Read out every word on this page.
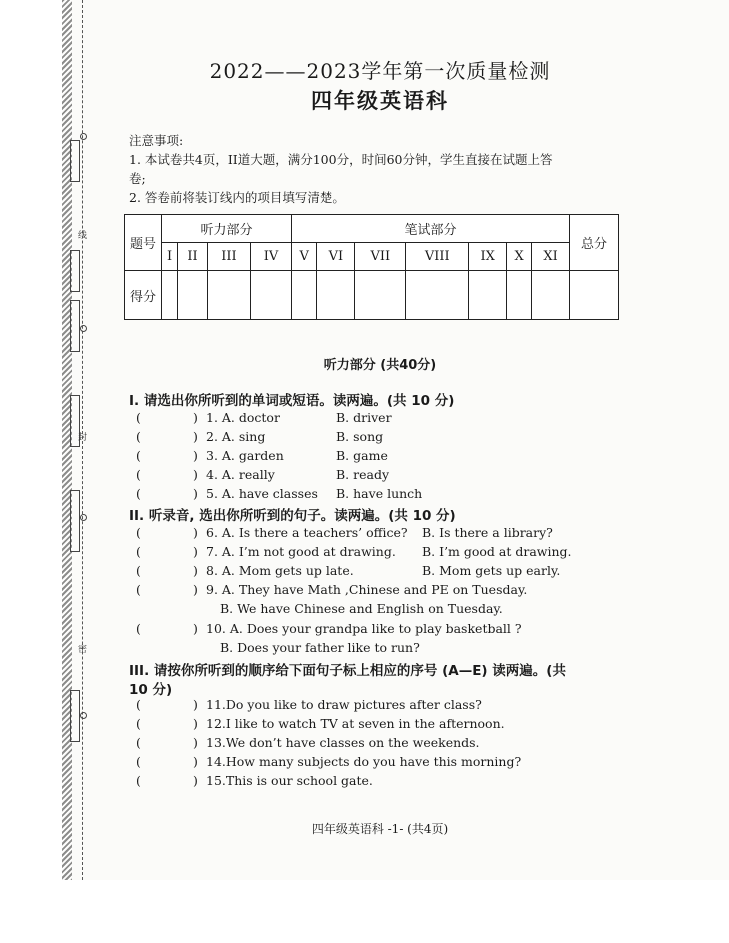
线
封
密
2022——2023学年第一次质量检测
四年级英语科
注意事项:
1. 本试卷共4页，II道大题，满分100分，时间60分钟，学生直接在试题上答
卷;
2. 答卷前将装订线内的项目填写清楚。
题号	听力部分				笔试部分							总分
	I	II	III	IV	V	VI	VII	VIII	IX	X	XI	
得分												
听力部分 (共40分)
I. 请选出你所听到的单词或短语。读两遍。(共 10 分)
(	) 1. A. doctor	B. driver
(	) 2. A. sing	B. song
(	) 3. A. garden	B. game
(	) 4. A. really	B. ready
(	) 5. A. have classes B. have lunch
II. 听录音, 选出你所听到的句子。读两遍。(共 10 分)
(	) 6. A. Is there a teachers’ office? B. Is there a library?
(	) 7. A. I’m not good at drawing. B. I’m good at drawing.
(	) 8. A. Mom gets up late.	B. Mom gets up early.
(	) 9. A. They have Math ,Chinese and PE on Tuesday.
B. We have Chinese and English on Tuesday.
(	) 10. A. Does your grandpa like to play basketball ?
B. Does your father like to run?
III. 请按你所听到的顺序给下面句子标上相应的序号 (A—E) 读两遍。(共
10 分)
(	) 11.Do you like to draw pictures after class?
(	) 12.I like to watch TV at seven in the afternoon.
(	) 13.We don’t have classes on the weekends.
(	) 14.How many subjects do you have this morning?
(	) 15.This is our school gate.
四年级英语科 -1- (共4页)
